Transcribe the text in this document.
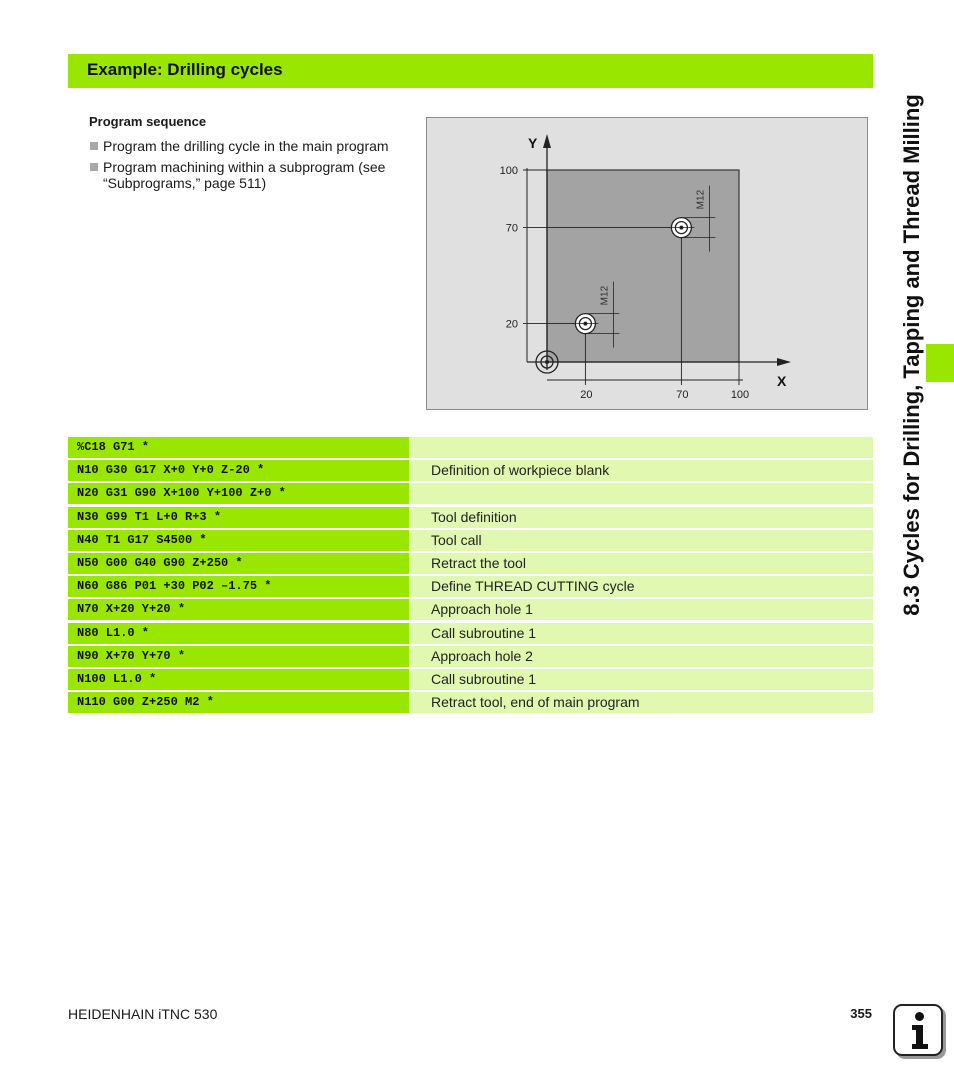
Example: Drilling cycles
Program sequence
Program the drilling cycle in the main program
Program machining within a subprogram (see “Subprograms,” page 511)
Y
X
20
70
100
20	70	100
M12
M12
%C18 G71 *
N10 G30 G17 X+0 Y+0 Z-20 *	Definition of workpiece blank
N20 G31 G90 X+100 Y+100 Z+0 *
N30 G99 T1 L+0 R+3 *	Tool definition
N40 T1 G17 S4500 *	Tool call
N50 G00 G40 G90 Z+250 *	Retract the tool
N60 G86 P01 +30 P02 –1.75 *	Define THREAD CUTTING cycle
N70 X+20 Y+20 *	Approach hole 1
N80 L1.0 *	Call subroutine 1
N90 X+70 Y+70 *	Approach hole 2
N100 L1.0 *	Call subroutine 1
N110 G00 Z+250 M2 *	Retract tool, end of main program
8.3 Cycles for Drilling, Tapping and Thread Milling
HEIDENHAIN iTNC 530	355
